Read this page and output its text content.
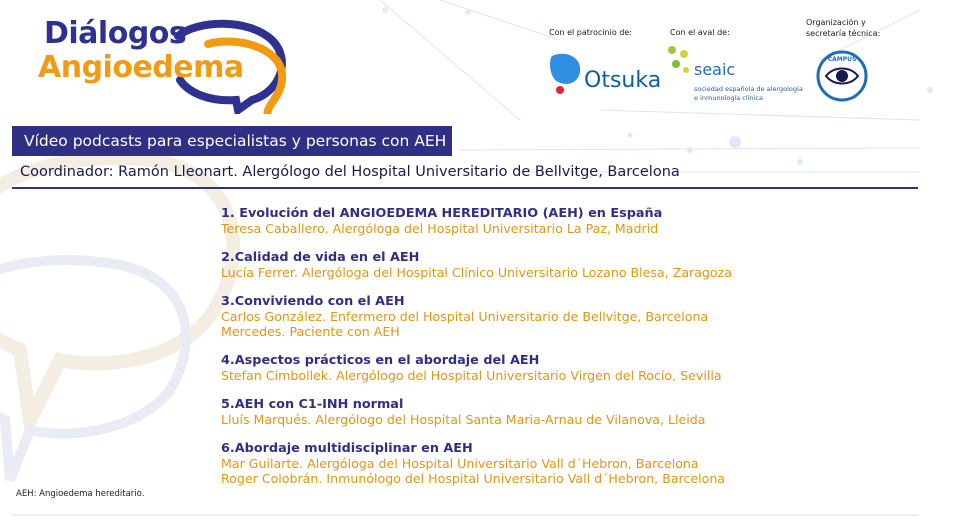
Diálogos
Angioedema
Con el patrocinio de:
Otsuka
Con el aval de:
seaic
sociedad española de alergología
e inmunología clínica
Organización y
secretaría técnica:
CAMPUS
Vídeo podcasts para especialistas y personas con AEH
Coordinador: Ramón Lleonart. Alergólogo del Hospital Universitario de Bellvitge, Barcelona
1. Evolución del ANGIOEDEMA HEREDITARIO (AEH) en España
Teresa Caballero. Alergóloga del Hospital Universitario La Paz, Madrid
2.Calidad de vida en el AEH
Lucía Ferrer. Alergóloga del Hospital Clínico Universitario Lozano Blesa, Zaragoza
3.Conviviendo con el AEH
Carlos González. Enfermero del Hospital Universitario de Bellvitge, Barcelona
Mercedes. Paciente con AEH
4.Aspectos prácticos en el abordaje del AEH
Stefan Cimbollek. Alergólogo del Hospital Universitario Virgen del Rocío, Sevilla
5.AEH con C1-INH normal
Lluís Marqués. Alergólogo del Hospital Santa Maria-Arnau de Vilanova, Lleida
6.Abordaje multidisciplinar en AEH
Mar Guilarte. Alergóloga del Hospital Universitario Vall d´Hebron, Barcelona
Roger Colobrán. Inmunólogo del Hospital Universitario Vall d´Hebron, Barcelona
AEH: Angioedema hereditario.
